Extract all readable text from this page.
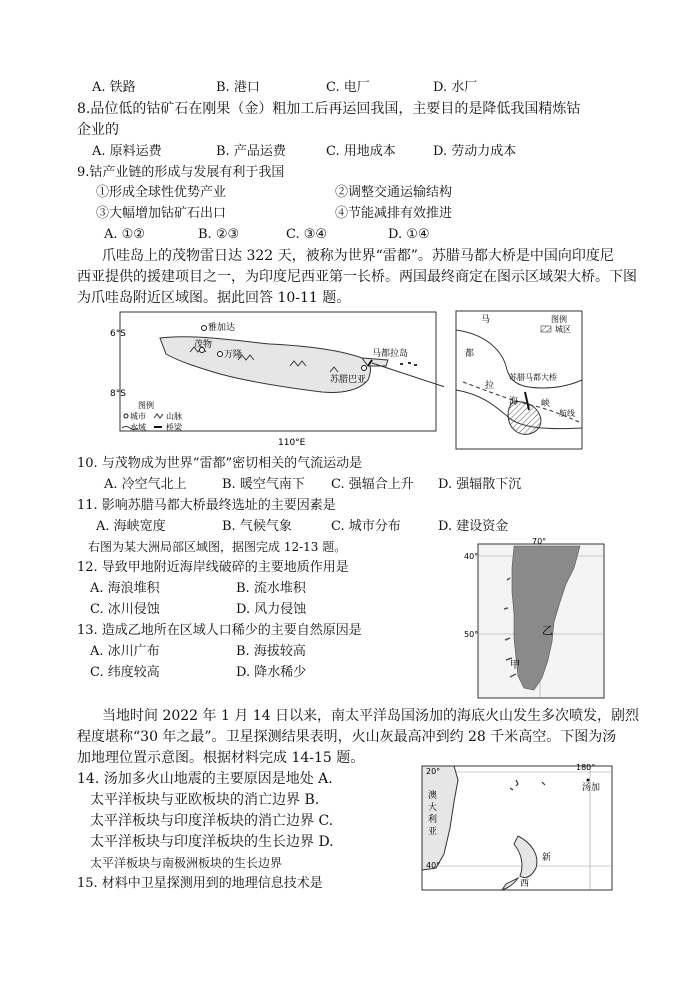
A. 铁路	B. 港口	C. 电厂	D. 水厂
8.品位低的钴矿石在刚果（金）粗加工后再运回我国，主要目的是降低我国精炼钴
企业的
A. 原料运费	B. 产品运费	C. 用地成本	D. 劳动力成本
9.钴产业链的形成与发展有利于我国
①形成全球性优势产业	②调整交通运输结构
③大幅增加钴矿石出口	④节能减排有效推进
A. ①②	B. ②③	C. ③④	D. ①④
爪哇岛上的茂物雷日达 322 天，被称为世界“雷都”。苏腊马都大桥是中国向印度尼
西亚提供的援建项目之一，为印度尼西亚第一长桥。两国最终商定在图示区域架大桥。下图
为爪哇岛附近区域图。据此回答 10-11 题。
6°S
8°S
110°E
雅加达
茂物
万隆	马都拉岛
苏腊巴亚
图例
城市	山脉
水域	桥梁
图例
城区
马
都
拉
海	峡
苏腊马都大桥
航线
10. 与茂物成为世界“雷都”密切相关的气流运动是
A. 冷空气北上	B. 暖空气南下 C. 强辐合上升 D. 强辐散下沉
11. 影响苏腊马都大桥最终选址的主要因素是
A. 海峡宽度	B. 气候气象	C. 城市分布	D. 建设资金
右图为某大洲局部区域图，据图完成 12-13 题。
12. 导致甲地附近海岸线破碎的主要地质作用是
A. 海浪堆积	B. 流水堆积
C. 冰川侵蚀	D. 风力侵蚀
13. 造成乙地所在区域人口稀少的主要自然原因是
A. 冰川广布	B. 海拔较高
C. 纬度较高	D. 降水稀少
70°
40°
50°	乙
甲
当地时间 2022 年 1 月 14 日以来，南太平洋岛国汤加的海底火山发生多次喷发，剧烈
程度堪称“30 年之最”。卫星探测结果表明，火山灰最高冲到约 28 千米高空。下图为汤
加地理位置示意图。根据材料完成 14-15 题。
14. 汤加多火山地震的主要原因是地处 A.
太平洋板块与亚欧板块的消亡边界 B.
太平洋板块与印度洋板块的消亡边界 C.
太平洋板块与印度洋板块的生长边界 D.
太平洋板块与南极洲板块的生长边界
15. 材料中卫星探测用到的地理信息技术是
20°
40°
180°
汤加
澳
大
利
亚
新
西
